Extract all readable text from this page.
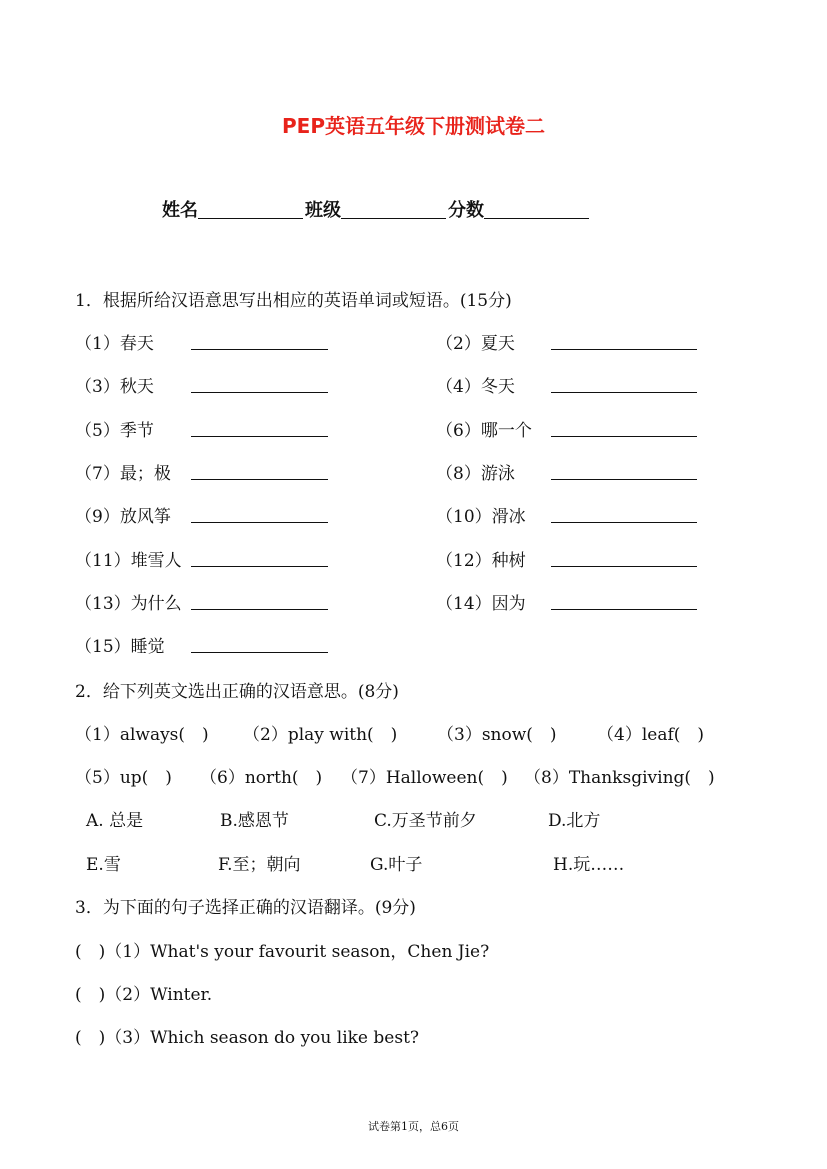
PEP英语五年级下册测试卷二
姓名	班级	分数
1．根据所给汉语意思写出相应的英语单词或短语。(15分)
（1）春天	（2）夏天
（3）秋天	（4）冬天
（5）季节	（6）哪一个
（7）最；极	（8）游泳
（9）放风筝	（10）滑冰
（11）堆雪人	（12）种树
（13）为什么	（14）因为
（15）睡觉
2．给下列英文选出正确的汉语意思。(8分)
（1）always(　) （2）play with(　) （3）snow(　) （4）leaf(　)
（5）up(　) （6）north(　) （7）Halloween(　) （8）Thanksgiving(　)
A. 总是	B.感恩节	C.万圣节前夕	D.北方
E.雪	F.至；朝向	G.叶子	H.玩……
3．为下面的句子选择正确的汉语翻译。(9分)
(　)（1）What's your favourit season，Chen Jie?
(　)（2）Winter.
(　)（3）Which season do you like best?
试卷第1页，总6页
